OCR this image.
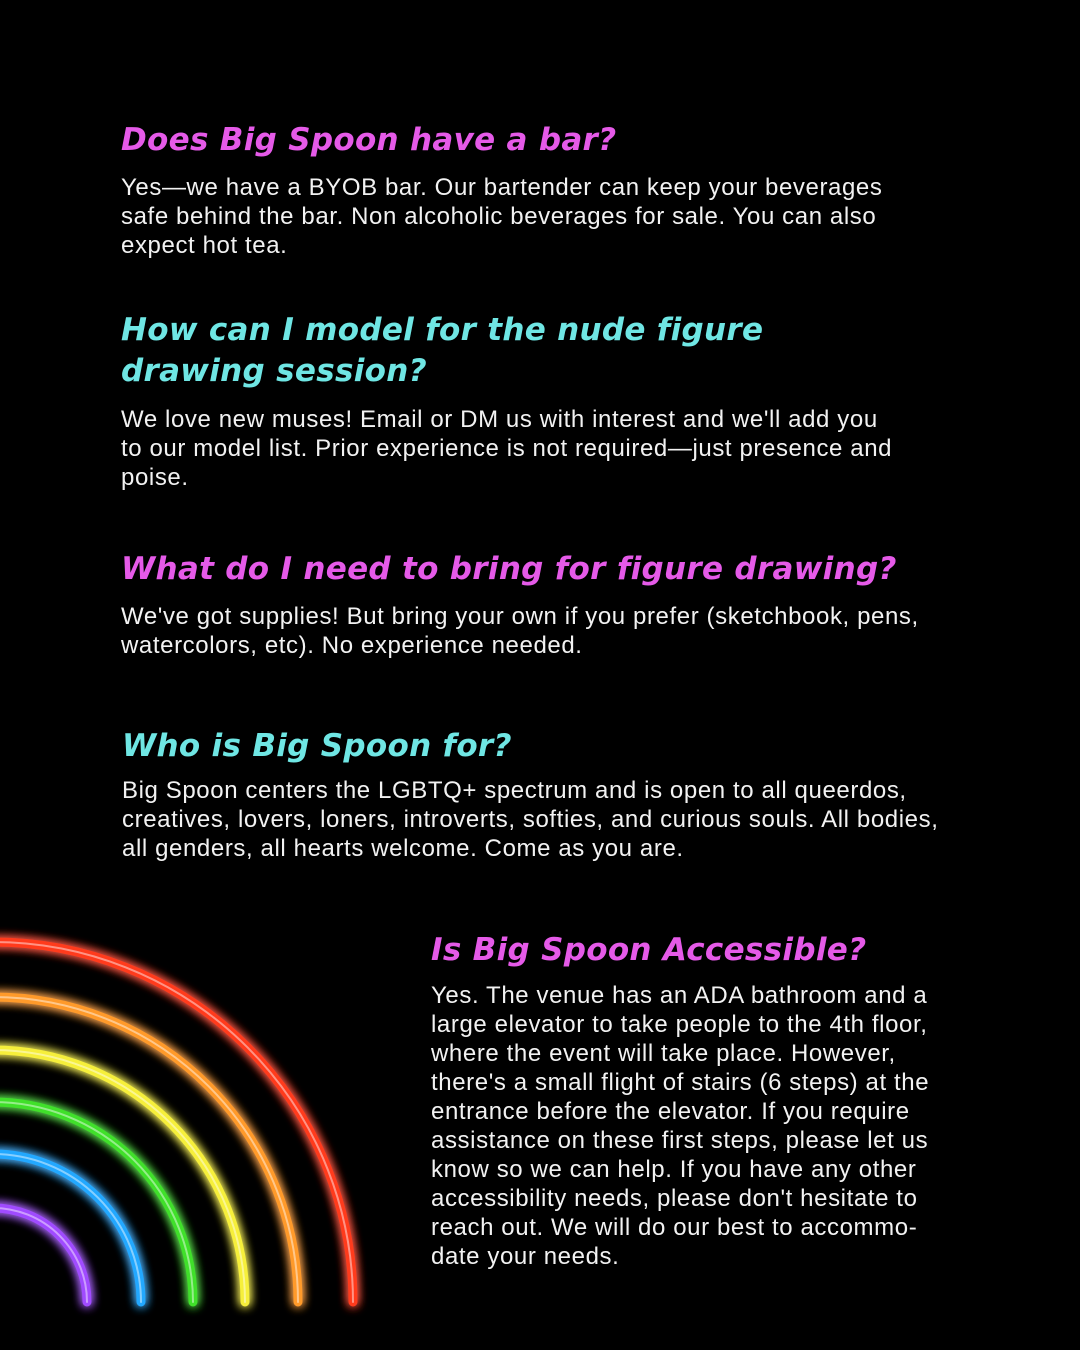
Does Big Spoon have a bar?

Yes—we have a BYOB bar. Our bartender can keep your beverages
safe behind the bar. Non alcoholic beverages for sale. You can also
expect hot tea.

How can I model for the nude figure
drawing session?

We love new muses! Email or DM us with interest and we'll add you
to our model list. Prior experience is not required—just presence and
poise.

What do I need to bring for figure drawing?

We've got supplies! But bring your own if you prefer (sketchbook, pens,
watercolors, etc). No experience needed.

Who is Big Spoon for?

Big Spoon centers the LGBTQ+ spectrum and is open to all queerdos,
creatives, lovers, loners, introverts, softies, and curious souls. All bodies,
all genders, all hearts welcome. Come as you are.

Is Big Spoon Accessible?

Yes. The venue has an ADA bathroom and a
large elevator to take people to the 4th floor,
where the event will take place. However,
there's a small flight of stairs (6 steps) at the
entrance before the elevator. If you require
assistance on these first steps, please let us
know so we can help. If you have any other
accessibility needs, please don't hesitate to
reach out. We will do our best to accommo-
date your needs.
